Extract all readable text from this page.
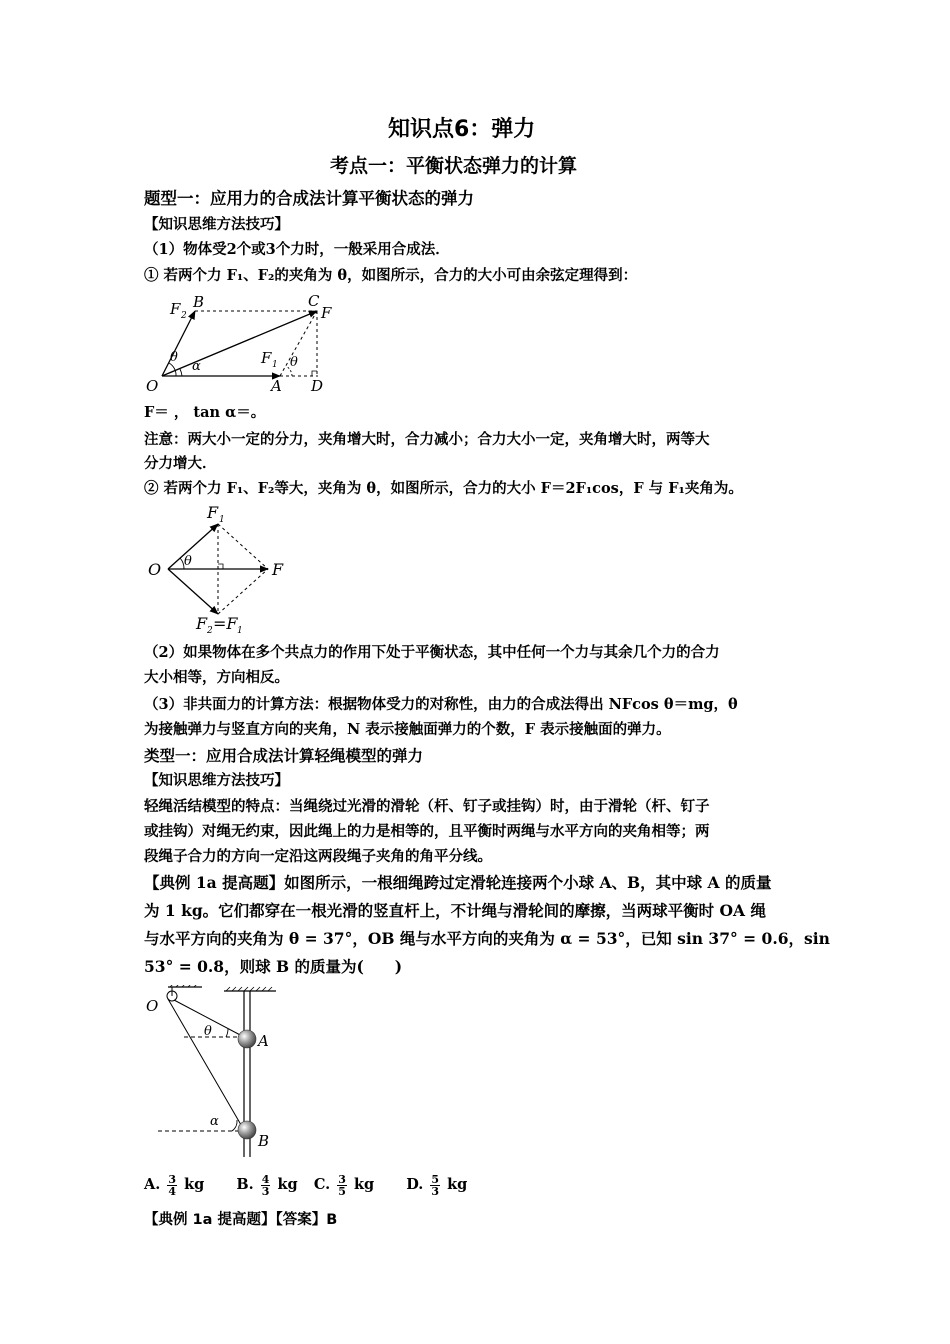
知识点6：弹力
考点一：平衡状态弹力的计算
题型一：应用力的合成法计算平衡状态的弹力
【知识思维方法技巧】
（1）物体受2个或3个力时，一般采用合成法．
① 若两个力 F₁、F₂的夹角为 θ，如图所示，合力的大小可由余弦定理得到：
F 2
B	C
F
θ
α	F 1 θ
O	A D
F＝ ， tan α＝。
注意：两大小一定的分力，夹角增大时，合力减小；合力大小一定，夹角增大时，两等大
分力增大．
② 若两个力 F₁、F₂等大，夹角为 θ，如图所示，合力的大小 F＝2F₁cos，F 与 F₁夹角为。
F 1
O θ	F
F 2 =F 1
（2）如果物体在多个共点力的作用下处于平衡状态，其中任何一个力与其余几个力的合力
大小相等，方向相反。
（3）非共面力的计算方法：根据物体受力的对称性，由力的合成法得出 NFcos θ＝mg，θ
为接触弹力与竖直方向的夹角，N 表示接触面弹力的个数，F 表示接触面的弹力。
类型一：应用合成法计算轻绳模型的弹力
【知识思维方法技巧】
轻绳活结模型的特点：当绳绕过光滑的滑轮（杆、钉子或挂钩）时，由于滑轮（杆、钉子
或挂钩）对绳无约束，因此绳上的力是相等的，且平衡时两绳与水平方向的夹角相等；两
段绳子合力的方向一定沿这两段绳子夹角的角平分线。
【典例 1a 提高题】如图所示，一根细绳跨过定滑轮连接两个小球 A、B，其中球 A 的质量
为 1 kg。它们都穿在一根光滑的竖直杆上，不计绳与滑轮间的摩擦，当两球平衡时 OA 绳
与水平方向的夹角为 θ = 37°，OB 绳与水平方向的夹角为 α = 53°，已知 sin 37° = 0.6，sin
53° = 0.8，则球 B 的质量为(　　)
O
θ
A
α
B
A. $\frac{3}{4}$ kg B. $\frac{4}{3}$ kg C. $\frac{3}{5}$ kg D. $\frac{5}{3}$ kg
【典例 1a 提高题】【答案】B
